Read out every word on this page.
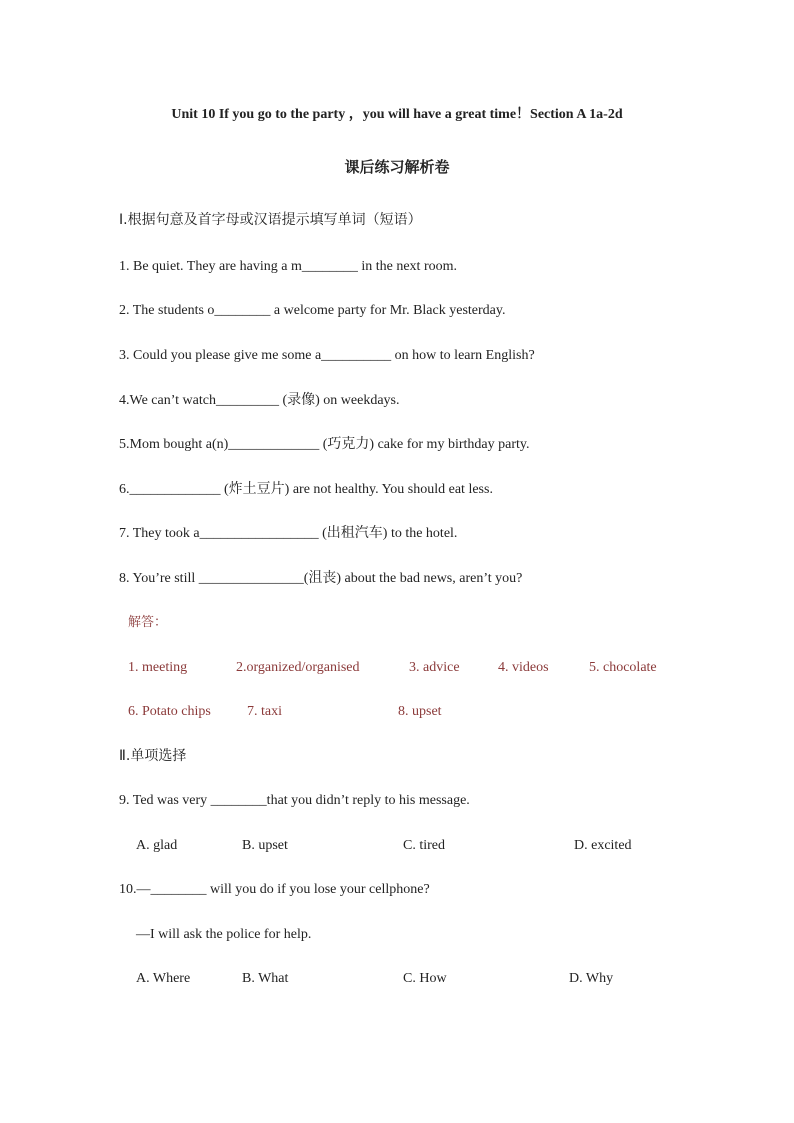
Unit 10 If you go to the party ，you will have a great time！Section A 1a-2d
课后练习解析卷
Ⅰ.根据句意及首字母或汉语提示填写单词（短语）
1. Be quiet. They are having a m________ in the next room.
2. The students o________ a welcome party for Mr. Black yesterday.
3. Could you please give me some a__________ on how to learn English?
4.We can’t watch_________ (录像) on weekdays.
5.Mom bought a(n)_____________ (巧克力) cake for my birthday party.
6._____________ (炸土豆片) are not healthy. You should eat less.
7. They took a_________________ (出租汽车) to the hotel.
8. You’re still _______________(沮丧) about the bad news, aren’t you?
解答：
1. meeting	2.organized/organised	3. advice	4. videos	5. chocolate
6. Potato chips	7. taxi	8. upset
Ⅱ.单项选择
9. Ted was very ________that you didn’t reply to his message.
A. glad	B. upset	C. tired	D. excited
10.—________ will you do if you lose your cellphone?
—I will ask the police for help.
A. Where	B. What	C. How	D. Why
